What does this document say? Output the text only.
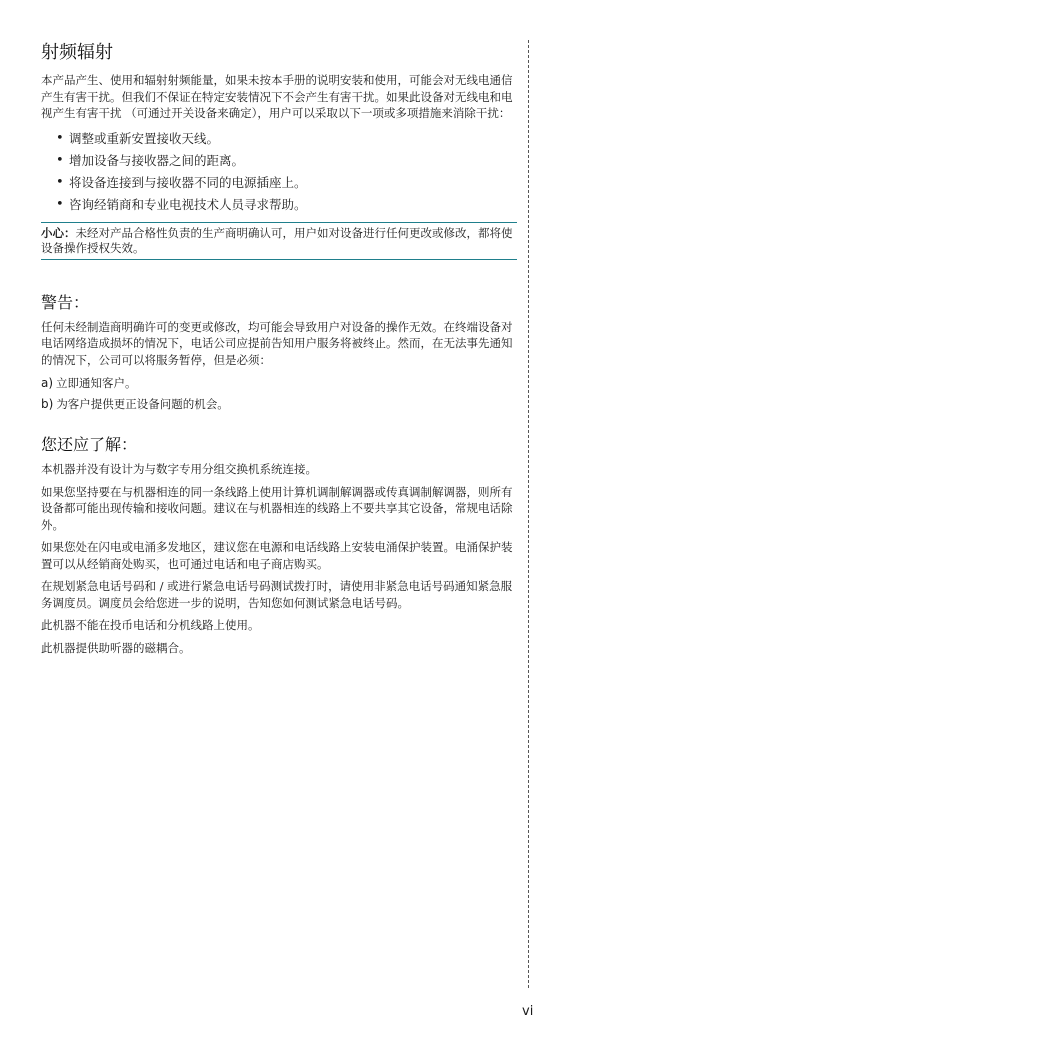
射频辐射

本产品产生、使用和辐射射频能量，如果未按本手册的说明安装和使用，可能会对无线电通信产生有害干扰。但我们不保证在特定安装情况下不会产生有害干扰。如果此设备对无线电和电视产生有害干扰 （可通过开关设备来确定），用户可以采取以下一项或多项措施来消除干扰：

• 调整或重新安置接收天线。
• 增加设备与接收器之间的距离。
• 将设备连接到与接收器不同的电源插座上。
• 咨询经销商和专业电视技术人员寻求帮助。
小心：未经对产品合格性负责的生产商明确认可，用户如对设备进行任何更改或修改，都将使设备操作授权失效。
警告：

任何未经制造商明确许可的变更或修改，均可能会导致用户对设备的操作无效。在终端设备对电话网络造成损坏的情况下，电话公司应提前告知用户服务将被终止。然而，在无法事先通知的情况下，公司可以将服务暂停，但是必须：

a) 立即通知客户。
b) 为客户提供更正设备问题的机会。
您还应了解：

本机器并没有设计为与数字专用分组交换机系统连接。

如果您坚持要在与机器相连的同一条线路上使用计算机调制解调器或传真调制解调器，则所有设备都可能出现传输和接收问题。建议在与机器相连的线路上不要共享其它设备，常规电话除外。

如果您处在闪电或电涌多发地区，建议您在电源和电话线路上安装电涌保护装置。电涌保护装置可以从经销商处购买，也可通过电话和电子商店购买。

在规划紧急电话号码和 / 或进行紧急电话号码测试拨打时，请使用非紧急电话号码通知紧急服务调度员。调度员会给您进一步的说明，告知您如何测试紧急电话号码。

此机器不能在投币电话和分机线路上使用。

此机器提供助听器的磁耦合。

vi
